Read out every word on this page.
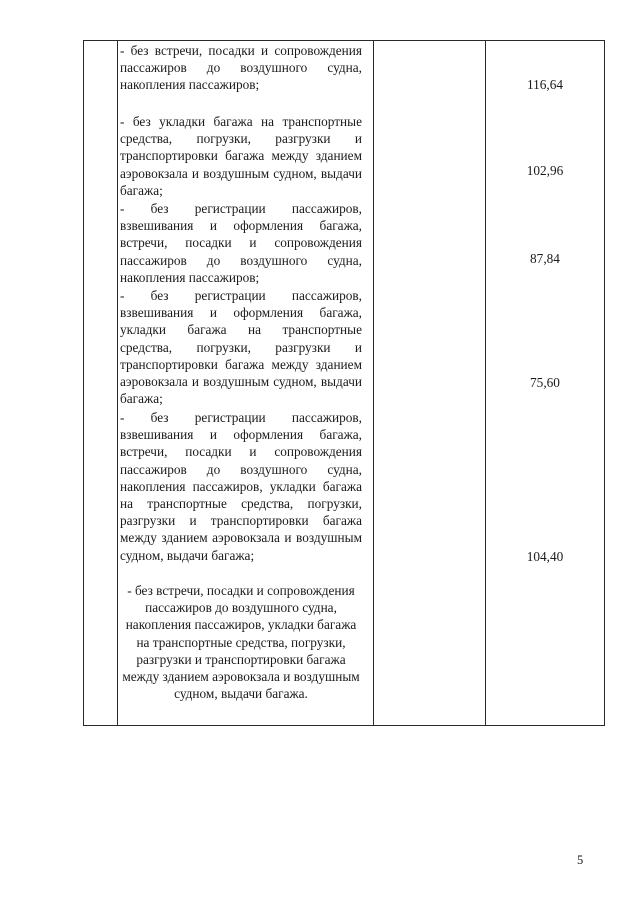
- без встречи, посадки и сопровождения пассажиров до воздушного судна, накопления пассажиров;
- без укладки багажа на транспортные средства, погрузки, разгрузки и транспортировки багажа между зданием аэровокзала и воздушным судном, выдачи багажа;
- без регистрации пассажиров, взвешивания и оформления багажа, встречи, посадки и сопровождения пассажиров до воздушного судна, накопления пассажиров;
- без регистрации пассажиров, взвешивания и оформления багажа, укладки багажа на транспортные средства, погрузки, разгрузки и транспортировки багажа между зданием аэровокзала и воздушным судном, выдачи багажа;
- без регистрации пассажиров, взвешивания и оформления багажа, встречи, посадки и сопровождения пассажиров до воздушного судна, накопления пассажиров, укладки багажа на транспортные средства, погрузки, разгрузки и транспортировки багажа между зданием аэровокзала и воздушным судном, выдачи багажа;
- без встречи, посадки и сопровождения пассажиров до воздушного судна, накопления пассажиров, укладки багажа на транспортные средства, погрузки, разгрузки и транспортировки багажа между зданием аэровокзала и воздушным судном, выдачи багажа.
116,64
102,96
87,84
75,60
104,40
5
